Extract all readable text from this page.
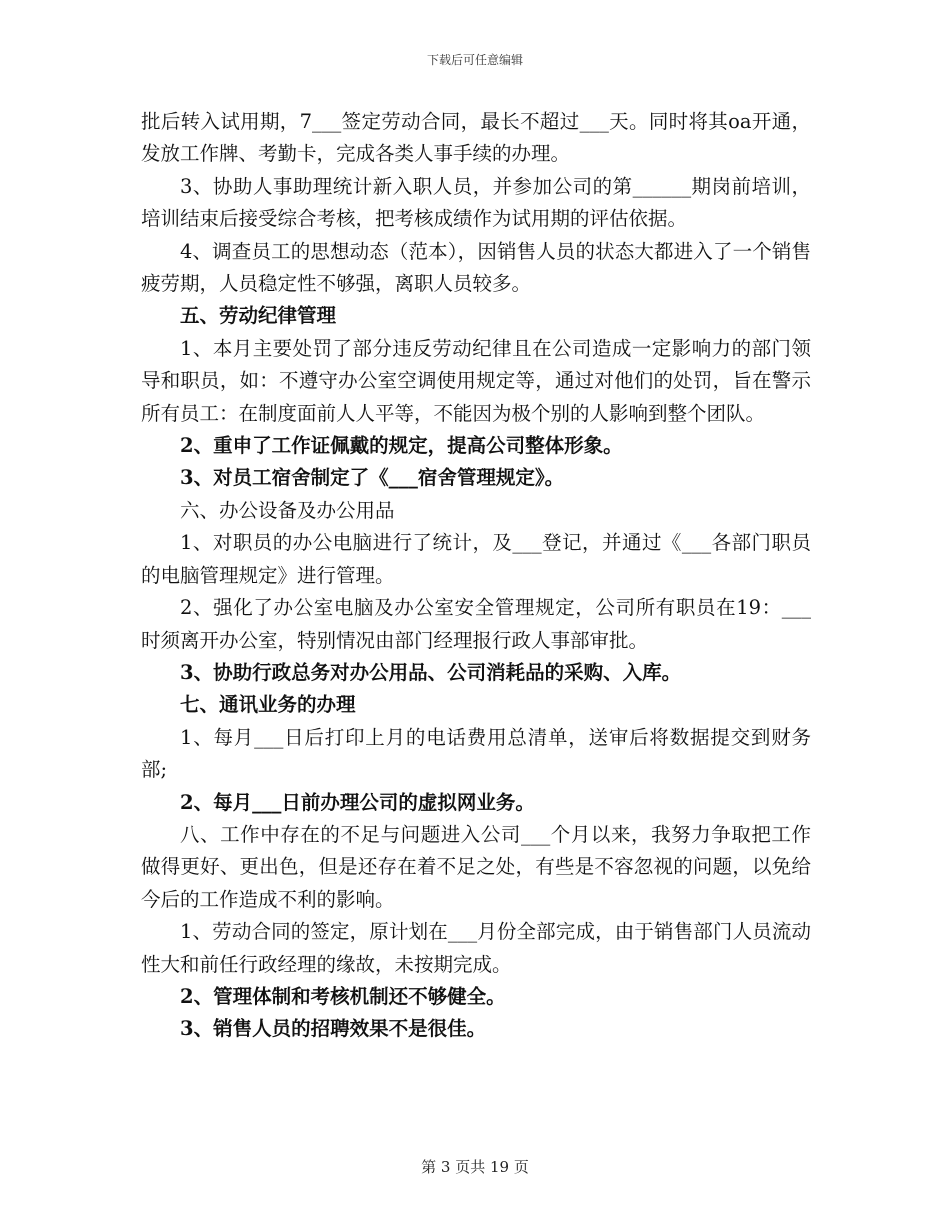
下载后可任意编辑

批后转入试用期，7___签定劳动合同，最长不超过___天。同时将其oa开通，发放工作牌、考勤卡，完成各类人事手续的办理。

3、协助人事助理统计新入职人员，并参加公司的第______期岗前培训，培训结束后接受综合考核，把考核成绩作为试用期的评估依据。

4、调查员工的思想动态（范本），因销售人员的状态大都进入了一个销售疲劳期，人员稳定性不够强，离职人员较多。

五、劳动纪律管理

1、本月主要处罚了部分违反劳动纪律且在公司造成一定影响力的部门领导和职员，如：不遵守办公室空调使用规定等，通过对他们的处罚，旨在警示所有员工：在制度面前人人平等，不能因为极个别的人影响到整个团队。

2、重申了工作证佩戴的规定，提高公司整体形象。

3、对员工宿舍制定了《___宿舍管理规定》。

六、办公设备及办公用品

1、对职员的办公电脑进行了统计，及___登记，并通过《___各部门职员的电脑管理规定》进行管理。

2、强化了办公室电脑及办公室安全管理规定，公司所有职员在19：___时须离开办公室，特别情况由部门经理报行政人事部审批。

3、协助行政总务对办公用品、公司消耗品的采购、入库。

七、通讯业务的办理

1、每月___日后打印上月的电话费用总清单，送审后将数据提交到财务部;

2、每月___日前办理公司的虚拟网业务。

八、工作中存在的不足与问题进入公司___个月以来，我努力争取把工作做得更好、更出色，但是还存在着不足之处，有些是不容忽视的问题，以免给今后的工作造成不利的影响。

1、劳动合同的签定，原计划在___月份全部完成，由于销售部门人员流动性大和前任行政经理的缘故，未按期完成。

2、管理体制和考核机制还不够健全。

3、销售人员的招聘效果不是很佳。

第 3 页共 19 页
